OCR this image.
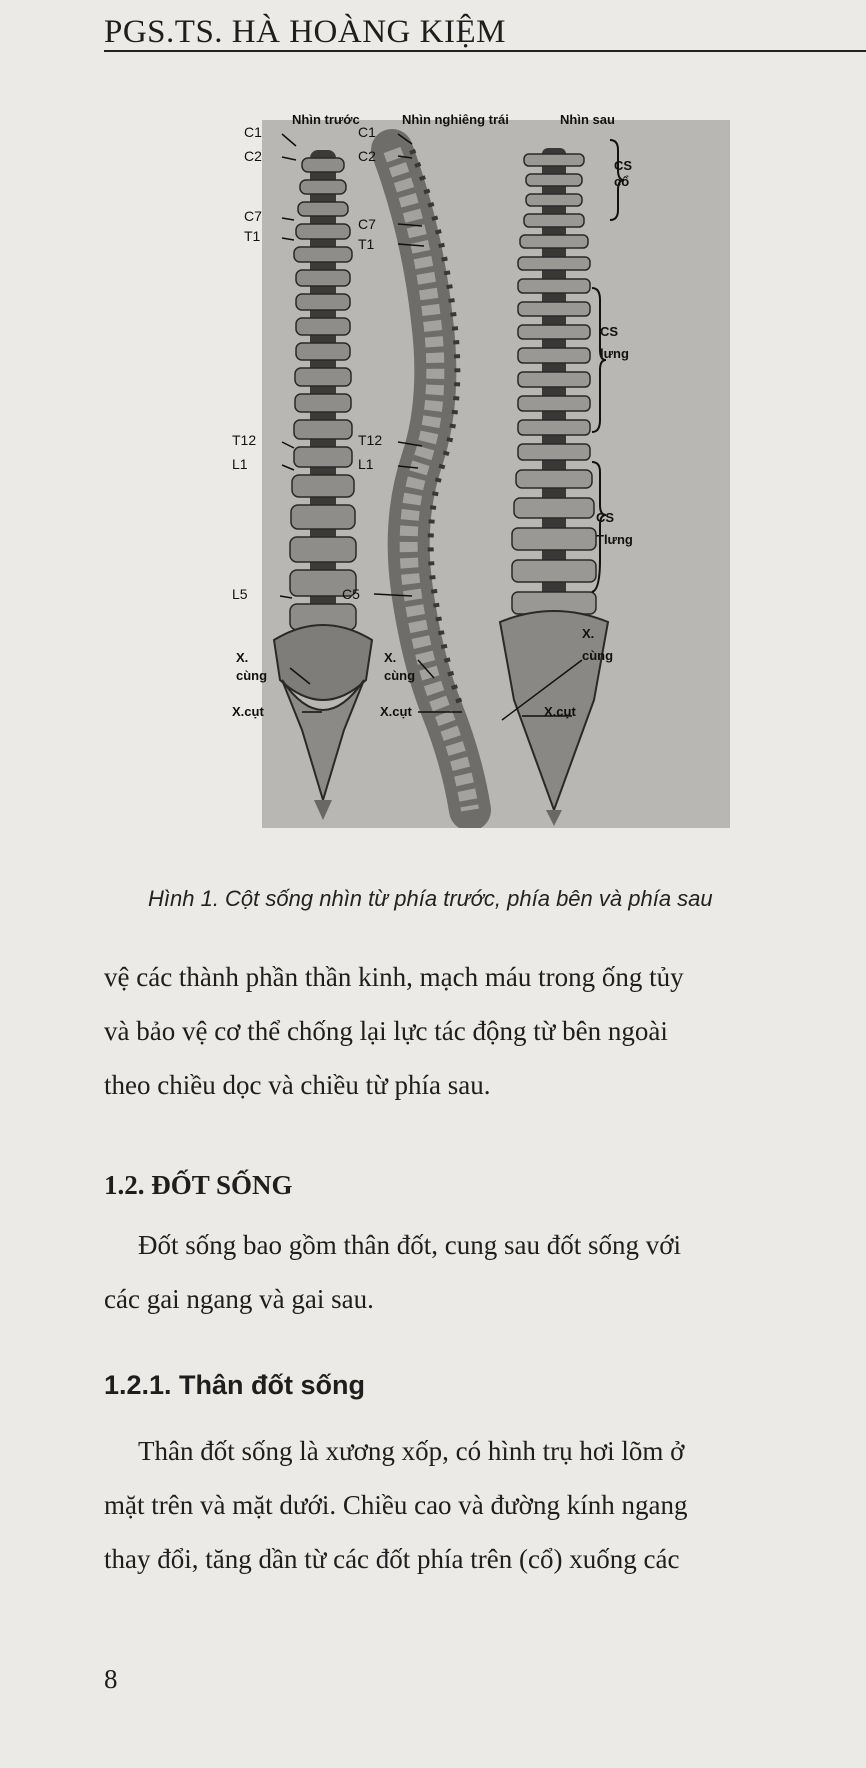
PGS.TS. HÀ HOÀNG KIỆM
Nhìn trước	Nhìn nghiêng trái	Nhìn sau
C1
C2
C7
T1
T12
L1
L5
X.
cùng
X.cụt
C1
C2
C7
T1
T12
L1
C5
X.
cùng
X.cụt
CS
cổ
CS
lưng
CS
Tlưng
X.
cùng
X.cụt
Hình 1. Cột sống nhìn từ phía trước, phía bên và phía sau

vệ các thành phần thần kinh, mạch máu trong ống tủy
và bảo vệ cơ thể chống lại lực tác động từ bên ngoài
theo chiều dọc và chiều từ phía sau.

1.2. ĐỐT SỐNG

Đốt sống bao gồm thân đốt, cung sau đốt sống với
các gai ngang và gai sau.

1.2.1. Thân đốt sống

Thân đốt sống là xương xốp, có hình trụ hơi lõm ở
mặt trên và mặt dưới. Chiều cao và đường kính ngang
thay đổi, tăng dần từ các đốt phía trên (cổ) xuống các

8
